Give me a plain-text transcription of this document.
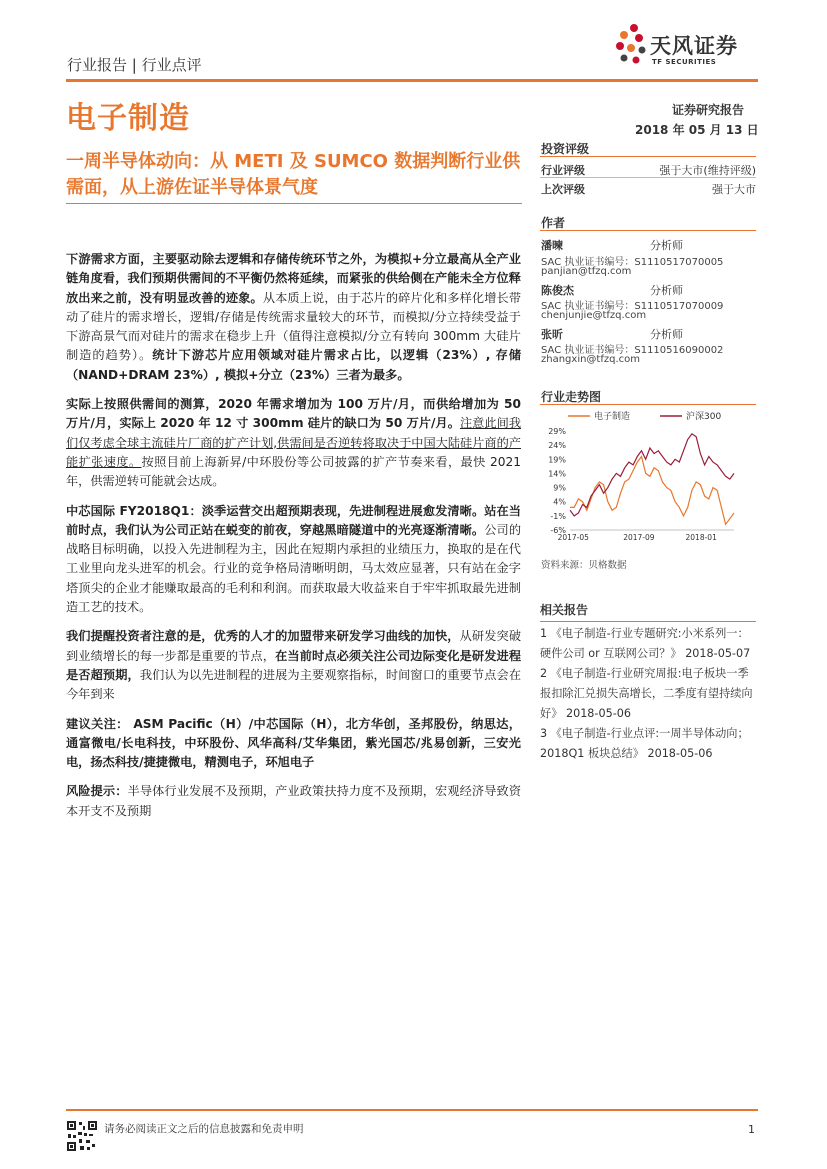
行业报告 | 行业点评
天风证券
TF SECURITIES
电子制造	证券研究报告
2018 年 05 月 13 日
一周半导体动向：从 METI 及 SUMCO 数据判断行业供需面，从上游佐证半导体景气度
投资评级
行业评级	强于大市(维持评级)
上次评级	强于大市
作者
潘暕	分析师
SAC 执业证书编号：S1110517070005
panjian@tfzq.com
陈俊杰	分析师
SAC 执业证书编号：S1110517070009
chenjunjie@tfzq.com
张昕	分析师
SAC 执业证书编号：S1110516090002
zhangxin@tfzq.com
行业走势图
29%
24%
19%
14%
9%
4%
-1%
-6%
2017-05	2017-09	2018-01
电子制造	沪深300
资料来源：贝格数据
相关报告

1 《电子制造-行业专题研究:小米系列一：硬件公司 or 互联网公司？》 2018-05-07

2 《电子制造-行业研究周报:电子板块一季报扣除汇兑损失高增长，二季度有望持续向好》 2018-05-06

3 《电子制造-行业点评:一周半导体动向；2018Q1 板块总结》 2018-05-06

下游需求方面，主要驱动除去逻辑和存储传统环节之外，为模拟+分立最高从全产业链角度看，我们预期供需间的不平衡仍然将延续，而紧张的供给侧在产能未全方位释放出来之前，没有明显改善的迹象。从本质上说，由于芯片的碎片化和多样化增长带动了硅片的需求增长，逻辑/存储是传统需求量较大的环节，而模拟/分立持续受益于下游高景气而对硅片的需求在稳步上升（值得注意模拟/分立有转向 300mm 大硅片制造的趋势）。统计下游芯片应用领域对硅片需求占比，以逻辑（23%）, 存储（NAND+DRAM 23%）, 模拟+分立（23%）三者为最多。

实际上按照供需间的测算，2020 年需求增加为 100 万片/月，而供给增加为 50 万片/月，实际上 2020 年 12 寸 300mm 硅片的缺口为 50 万片/月。注意此间我们仅考虑全球主流硅片厂商的扩产计划,供需间是否逆转将取决于中国大陆硅片商的产能扩张速度。按照目前上海新昇/中环股份等公司披露的扩产节奏来看，最快 2021 年，供需逆转可能就会达成。

中芯国际 FY2018Q1：淡季运营交出超预期表现，先进制程进展愈发清晰。站在当前时点，我们认为公司正站在蜕变的前夜，穿越黑暗隧道中的光亮逐渐清晰。公司的战略目标明确，以投入先进制程为主，因此在短期内承担的业绩压力，换取的是在代工业里向龙头进军的机会。行业的竞争格局清晰明朗，马太效应显著，只有站在金字塔顶尖的企业才能赚取最高的毛利和利润。而获取最大收益来自于牢牢抓取最先进制造工艺的技术。

我们提醒投资者注意的是，优秀的人才的加盟带来研发学习曲线的加快，从研发突破到业绩增长的每一步都是重要的节点，在当前时点必须关注公司边际变化是研发进程是否超预期，我们认为以先进制程的进展为主要观察指标，时间窗口的重要节点会在今年到来

建议关注： ASM Pacific（H）/中芯国际（H），北方华创，圣邦股份，纳思达，通富微电/长电科技，中环股份、风华高科/艾华集团，紫光国芯/兆易创新，三安光电，扬杰科技/捷捷微电，精测电子，环旭电子

风险提示：半导体行业发展不及预期，产业政策扶持力度不及预期，宏观经济导致资本开支不及预期

请务必阅读正文之后的信息披露和免责申明	1
